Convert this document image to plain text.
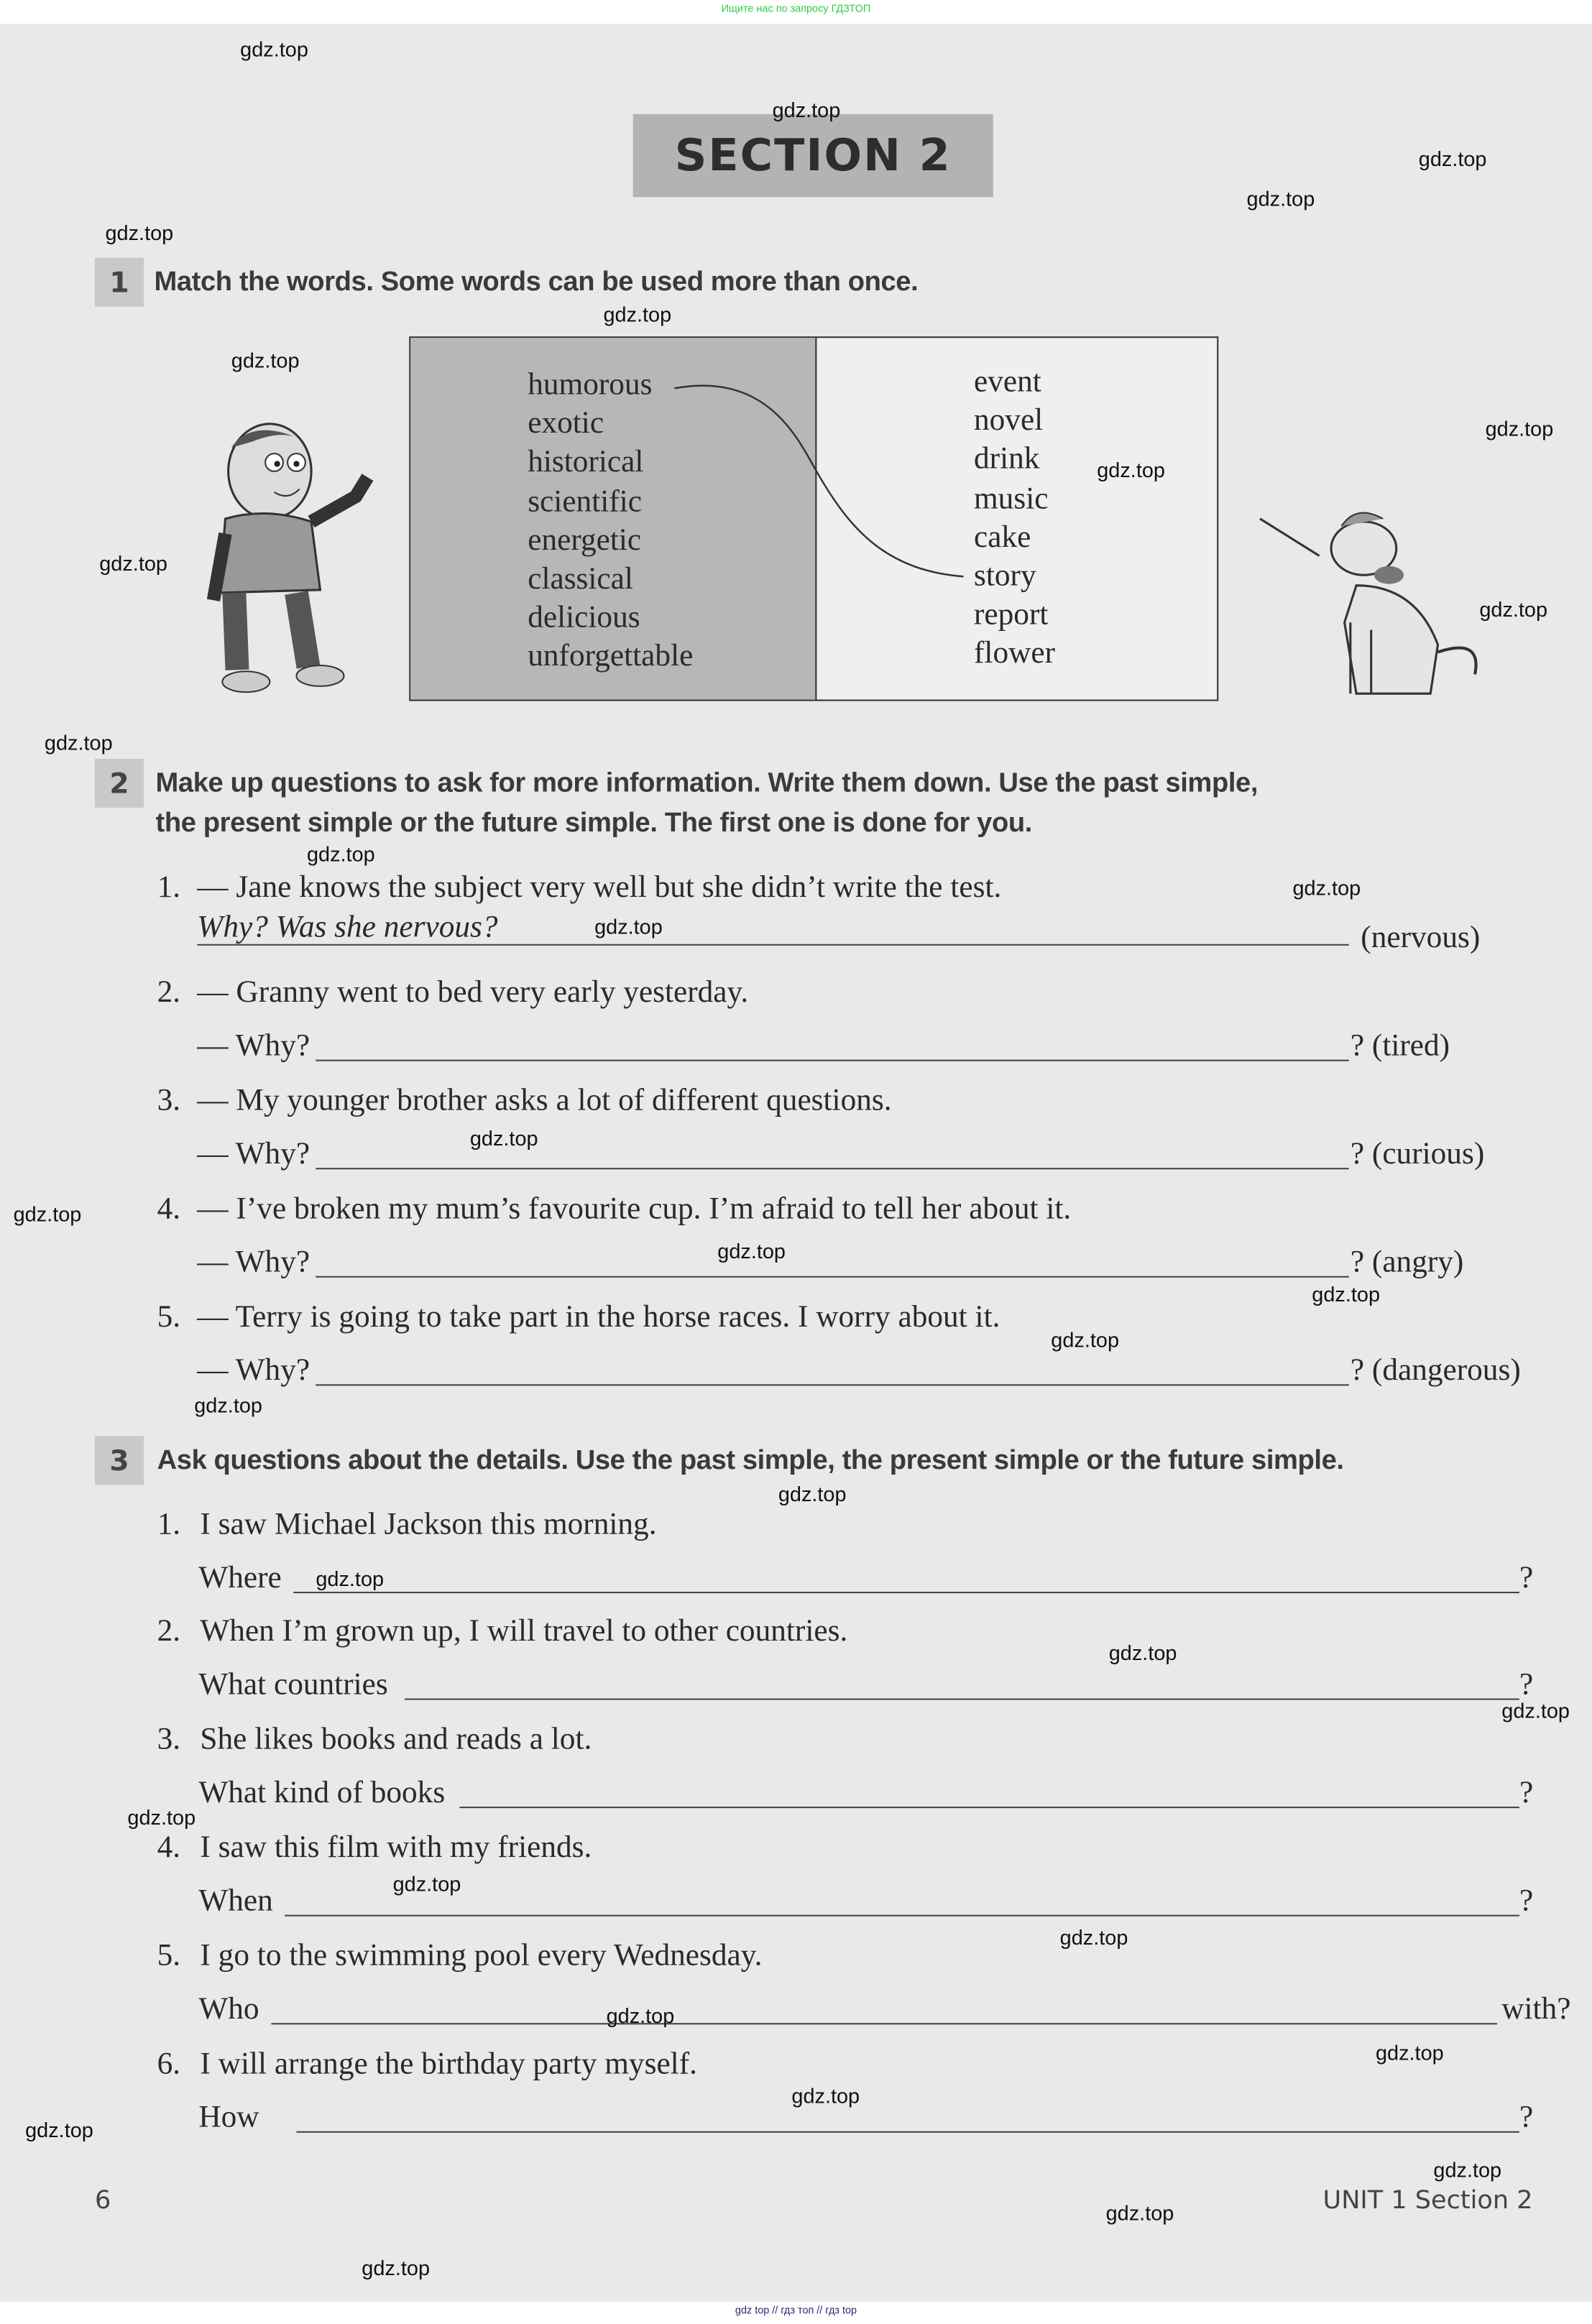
Ищите нас по запросу ГДЗТОП
gdz top // гдз топ // гдз top
SECTION 2
1	Match the words. Some words can be used more than once.
2	Make up questions to ask for more information. Write them down. Use the past simple,
the present simple or the future simple. The first one is done for you.
3	Ask questions about the details. Use the past simple, the present simple or the future simple.
6	UNIT 1 Section 2
humorous	event
exotic	novel
historical	drink
scientific	music
energetic	cake
classical	story
delicious	report
unforgettable	flower
1. — Jane knows the subject very well but she didn’t write the test.
Why? Was she nervous?	(nervous)
2. — Granny went to bed very early yesterday.
— Why?	? (tired)
3. — My younger brother asks a lot of different questions.
— Why?	? (curious)
4. — I’ve broken my mum’s favourite cup. I’m afraid to tell her about it.
— Why?	? (angry)
5. — Terry is going to take part in the horse races. I worry about it.
— Why?	? (dangerous)
1. I saw Michael Jackson this morning.
Where	?
2. When I’m grown up, I will travel to other countries.
What countries	?
3. She likes books and reads a lot.
What kind of books	?
4. I saw this film with my friends.
When	?
5. I go to the swimming pool every Wednesday.
Who	with?
6. I will arrange the birthday party myself.
How	?
gdz.top
gdz.top
gdz.top
gdz.top
gdz.top
gdz.top
gdz.top
gdz.top
gdz.top
gdz.top
gdz.top
gdz.top
gdz.top
gdz.top
gdz.top
gdz.top
gdz.top
gdz.top
gdz.top
gdz.top
gdz.top
gdz.top
gdz.top
gdz.top
gdz.top
gdz.top
gdz.top
gdz.top
gdz.top
gdz.top
gdz.top
gdz.top
gdz.top
gdz.top
gdz.top
